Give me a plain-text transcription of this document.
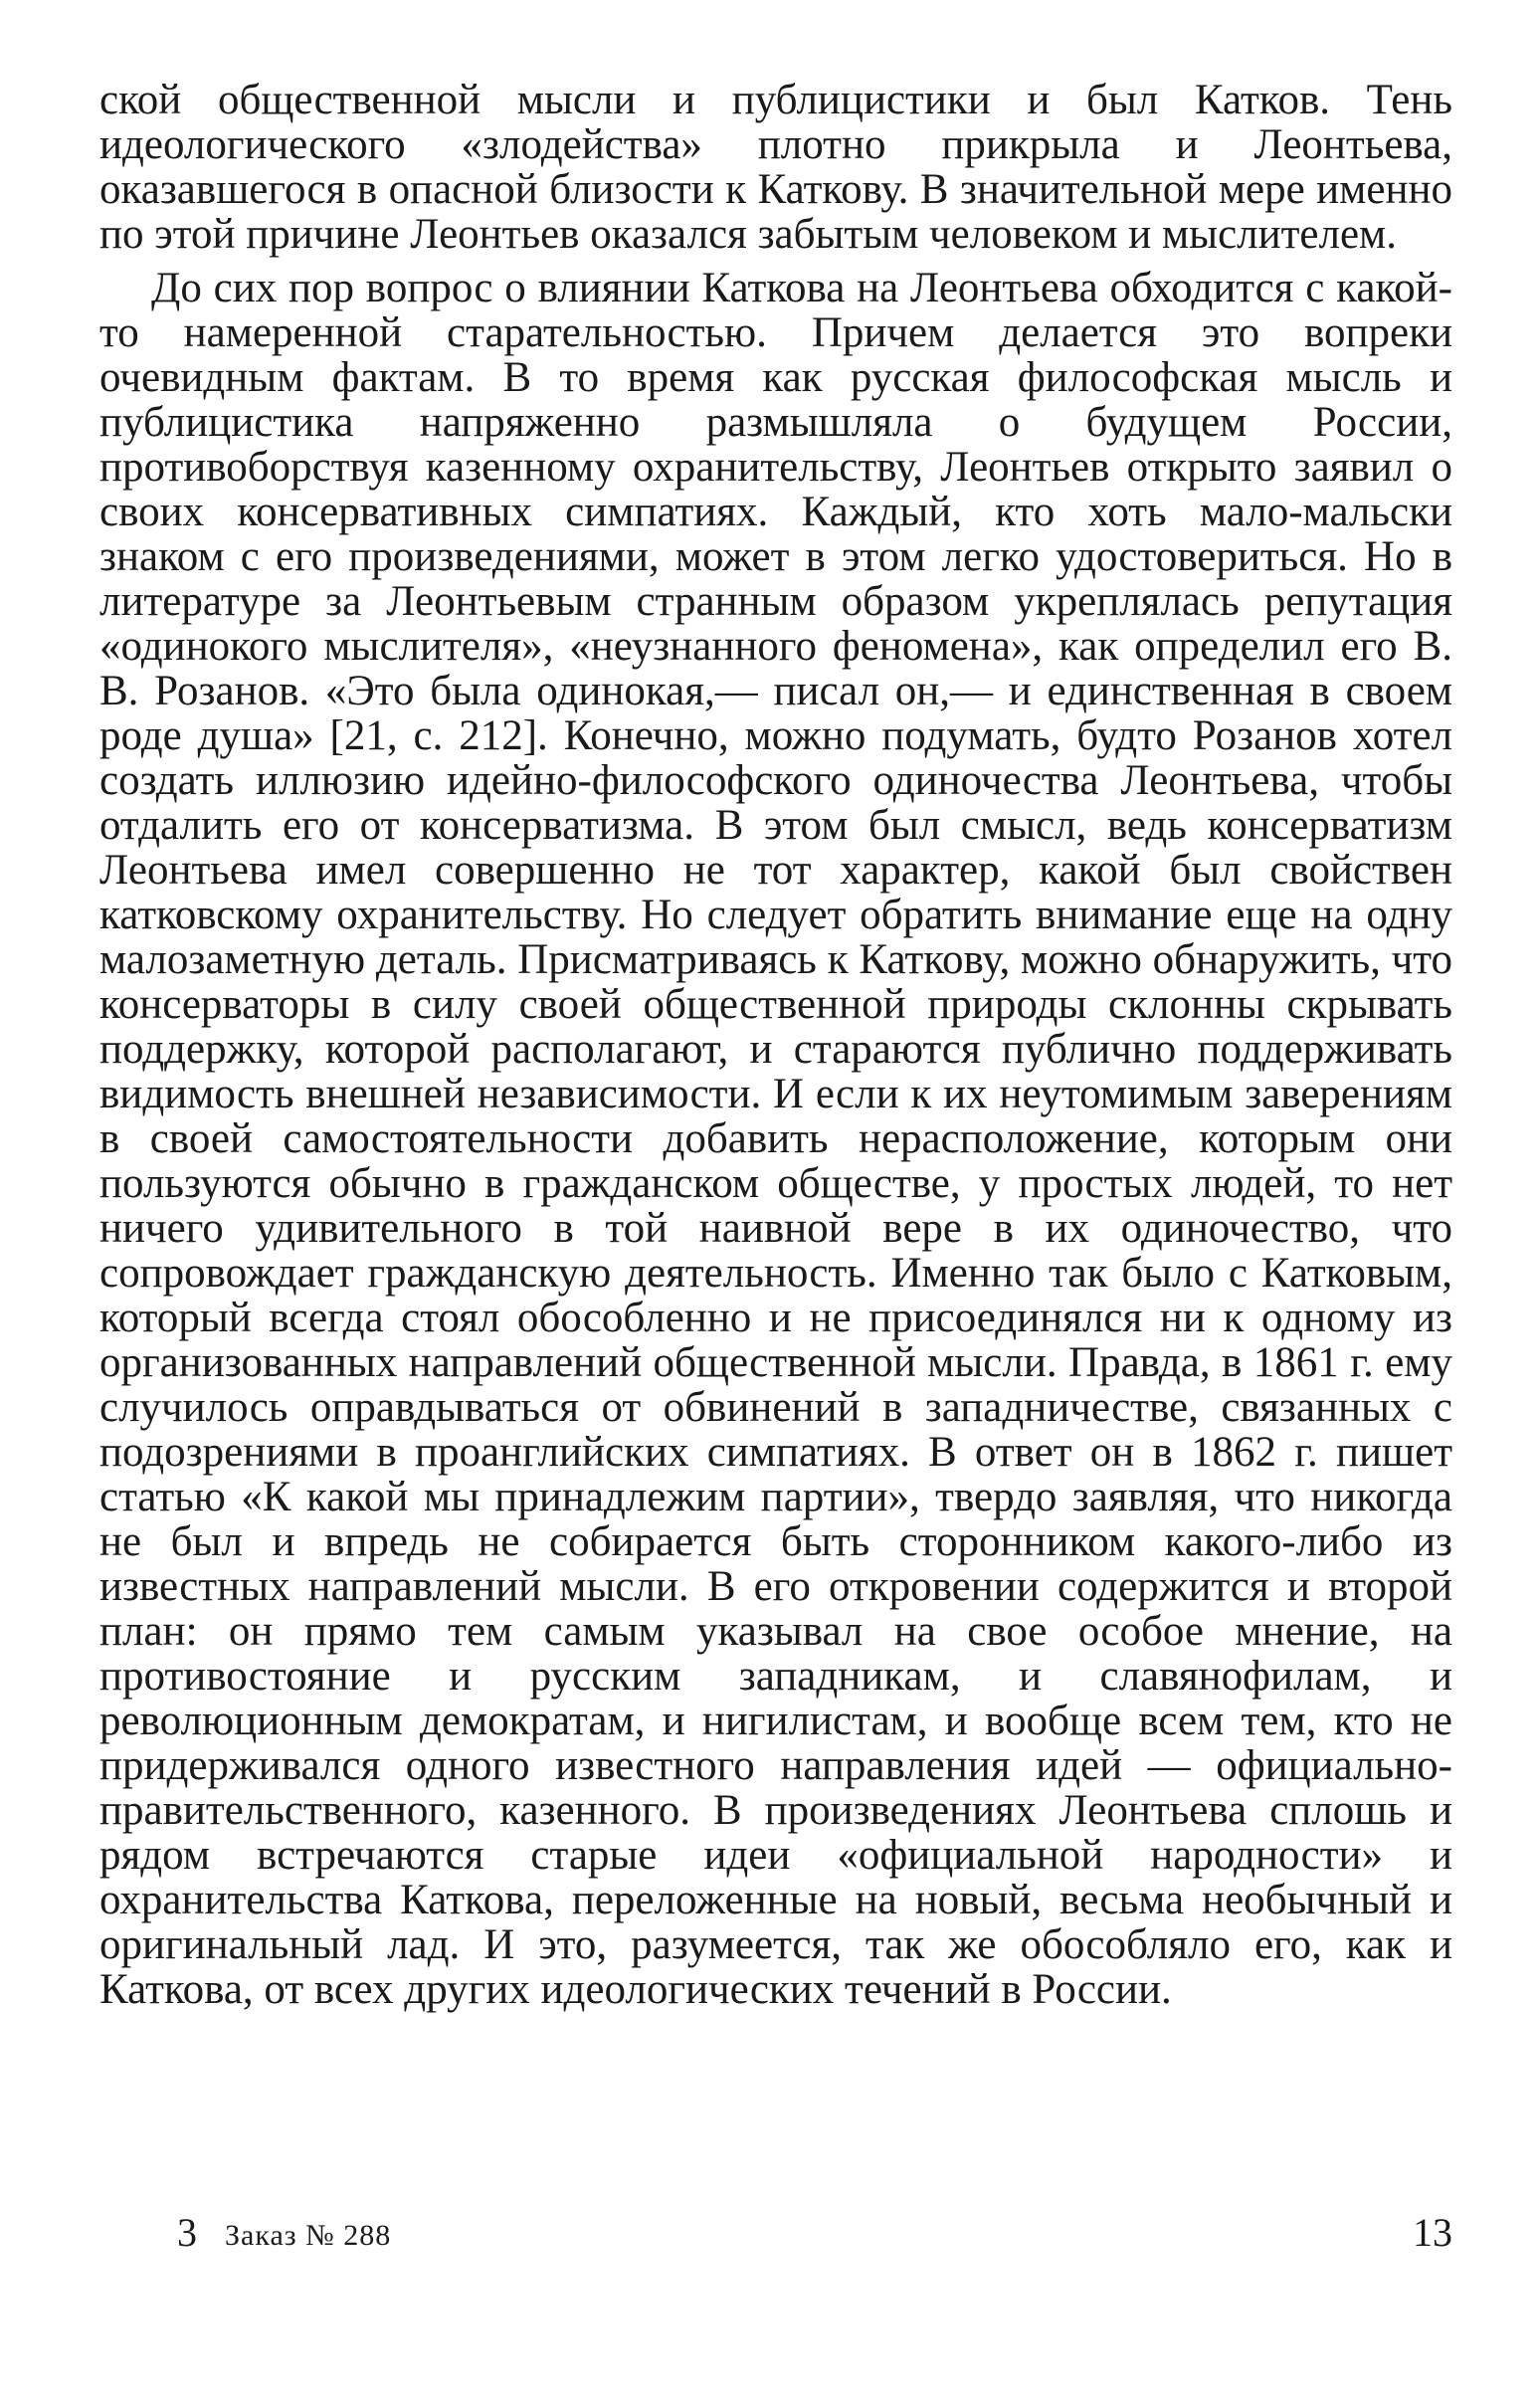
ской общественной мысли и публицистики и был Катков. Тень идеологического «злодейства» плотно прикрыла и Леонтьева, оказавшегося в опасной близости к Каткову. В значительной мере именно по этой причине Леонтьев оказался забытым человеком и мыслителем.

До сих пор вопрос о влиянии Каткова на Леонтьева обходится с какой-то намеренной старательностью. Причем делается это вопреки очевидным фактам. В то время как русская философская мысль и публицистика напряженно размышляла о будущем России, противоборствуя казенному охранительству, Леонтьев открыто заявил о своих консервативных симпатиях. Каждый, кто хоть мало-мальски знаком с его произведениями, может в этом легко удостовериться. Но в литературе за Леонтьевым странным образом укреплялась репутация «одинокого мыслителя», «неузнанного феномена», как определил его В. В. Розанов. «Это была одинокая,— писал он,— и единственная в своем роде душа» [21, с. 212]. Конечно, можно подумать, будто Розанов хотел создать иллюзию идейно-философского одиночества Леонтьева, чтобы отдалить его от консерватизма. В этом был смысл, ведь консерватизм Леонтьева имел совершенно не тот характер, какой был свойствен катковскому охранительству. Но следует обратить внимание еще на одну малозаметную деталь. Присматриваясь к Каткову, можно обнаружить, что консерваторы в силу своей общественной природы склонны скрывать поддержку, которой располагают, и стараются публично поддерживать видимость внешней независимости. И если к их неутомимым заверениям в своей самостоятельности добавить нерасположение, которым они пользуются обычно в гражданском обществе, у простых людей, то нет ничего удивительного в той наивной вере в их одиночество, что сопровождает гражданскую деятельность. Именно так было с Катковым, который всегда стоял обособленно и не присоединялся ни к одному из организованных направлений общественной мысли. Правда, в 1861 г. ему случилось оправдываться от обвинений в западничестве, связанных с подозрениями в проанглийских симпатиях. В ответ он в 1862 г. пишет статью «К какой мы принадлежим партии», твердо заявляя, что никогда не был и впредь не собирается быть сторонником какого-либо из известных направлений мысли. В его откровении содержится и второй план: он прямо тем самым указывал на свое особое мнение, на противостояние и русским западникам, и славянофилам, и революционным демократам, и нигилистам, и вообще всем тем, кто не придерживался одного известного направления идей — официально-правительственного, казенного. В произведениях Леонтьева сплошь и рядом встречаются старые идеи «официальной народности» и охранительства Каткова, переложенные на новый, весьма необычный и оригинальный лад. И это, разумеется, так же обособляло его, как и Каткова, от всех других идеологических течений в России.

3 Заказ № 288	13
